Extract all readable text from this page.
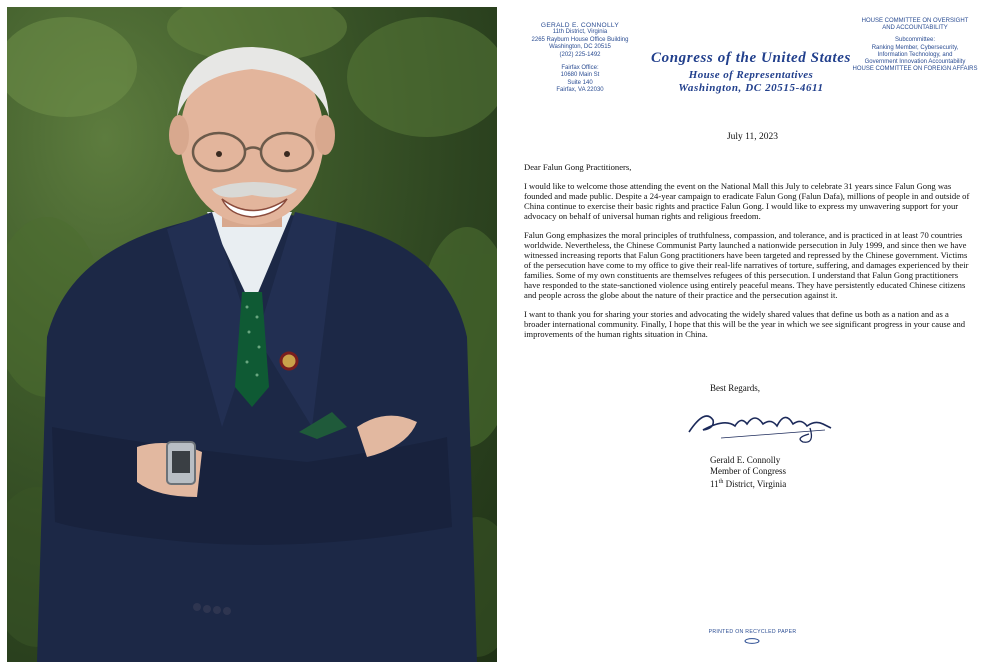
GERALD E. CONNOLLY
11th District, Virginia
2265 Rayburn House Office Building
Washington, DC 20515
(202) 225-1492
Fairfax Office:
10680 Main St
Suite 140
Fairfax, VA 22030
Congress of the United States
House of Representatives
Washington, DC 20515-4611
HOUSE COMMITTEE ON OVERSIGHT
AND ACCOUNTABILITY
Subcommittee:
Ranking Member, Cybersecurity,
Information Technology, and
Government Innovation Accountability
HOUSE COMMITTEE ON FOREIGN AFFAIRS
July 11, 2023

Dear Falun Gong Practitioners,

I would like to welcome those attending the event on the National Mall this July to celebrate 31 years since Falun Gong was founded and made public. Despite a 24-year campaign to eradicate Falun Gong (Falun Dafa), millions of people in and outside of China continue to exercise their basic rights and practice Falun Gong. I would like to express my unwavering support for your advocacy on behalf of universal human rights and religious freedom.

Falun Gong emphasizes the moral principles of truthfulness, compassion, and tolerance, and is practiced in at least 70 countries worldwide. Nevertheless, the Chinese Communist Party launched a nationwide persecution in July 1999, and since then we have witnessed increasing reports that Falun Gong practitioners have been targeted and repressed by the Chinese government. Victims of the persecution have come to my office to give their real-life narratives of torture, suffering, and damages experienced by their families. Some of my own constituents are themselves refugees of this persecution. I understand that Falun Gong practitioners have responded to the state-sanctioned violence using entirely peaceful means. They have persistently educated Chinese citizens and people across the globe about the nature of their practice and the persecution against it.

I want to thank you for sharing your stories and advocating the widely shared values that define us both as a nation and as a broader international community. Finally, I hope that this will be the year in which we see significant progress in your cause and improvements of the human rights situation in China.

Best Regards,
Gerald E. Connolly
Member of Congress
11th District, Virginia
PRINTED ON RECYCLED PAPER
